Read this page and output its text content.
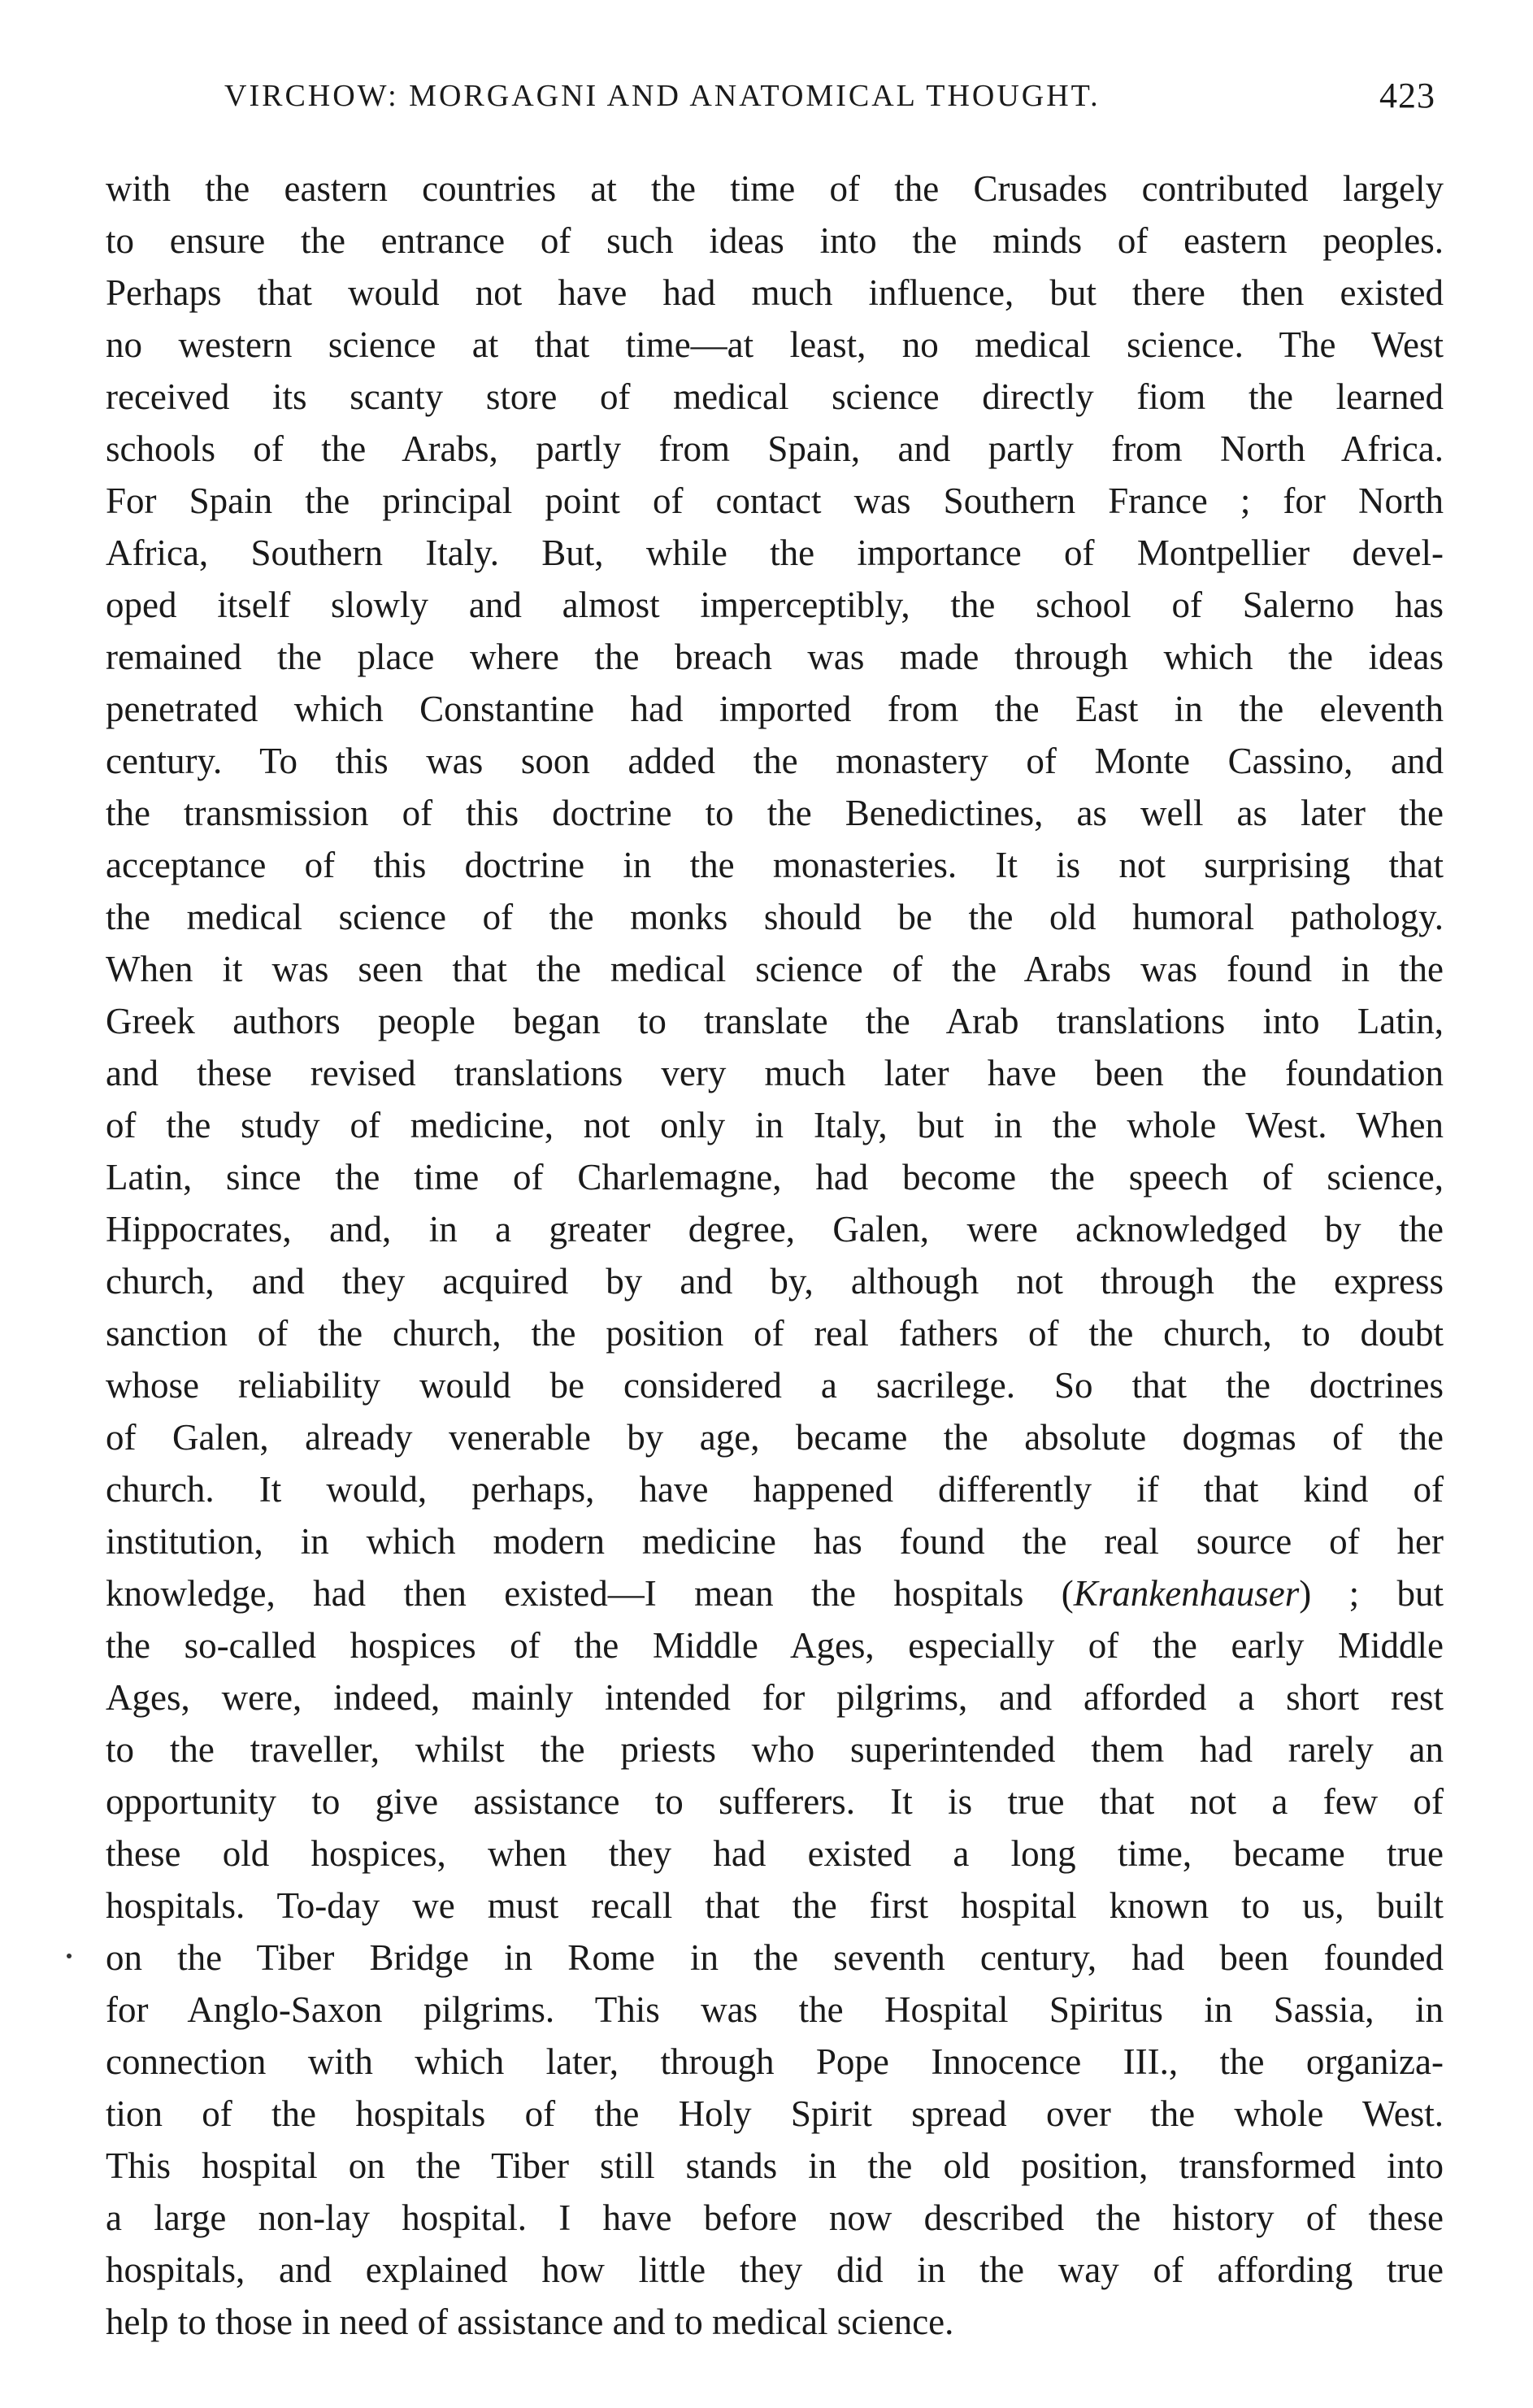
VIRCHOW: MORGAGNI AND ANATOMICAL THOUGHT.	423
with the eastern countries at the time of the Crusades contributed largely
to ensure the entrance of such ideas into the minds of eastern peoples.
Perhaps that would not have had much influence, but there then existed
no western science at that time—at least, no medical science. The West
received its scanty store of medical science directly fiom the learned
schools of the Arabs, partly from Spain, and partly from North Africa.
For Spain the principal point of contact was Southern France ; for North
Africa, Southern Italy. But, while the importance of Montpellier devel-
oped itself slowly and almost imperceptibly, the school of Salerno has
remained the place where the breach was made through which the ideas
penetrated which Constantine had imported from the East in the eleventh
century. To this was soon added the monastery of Monte Cassino, and
the transmission of this doctrine to the Benedictines, as well as later the
acceptance of this doctrine in the monasteries. It is not surprising that
the medical science of the monks should be the old humoral pathology.
When it was seen that the medical science of the Arabs was found in the
Greek authors people began to translate the Arab translations into Latin,
and these revised translations very much later have been the foundation
of the study of medicine, not only in Italy, but in the whole West. When
Latin, since the time of Charlemagne, had become the speech of science,
Hippocrates, and, in a greater degree, Galen, were acknowledged by the
church, and they acquired by and by, although not through the express
sanction of the church, the position of real fathers of the church, to doubt
whose reliability would be considered a sacrilege. So that the doctrines
of Galen, already venerable by age, became the absolute dogmas of the
church. It would, perhaps, have happened differently if that kind of
institution, in which modern medicine has found the real source of her
knowledge, had then existed—I mean the hospitals (Krankenhauser) ; but
the so-called hospices of the Middle Ages, especially of the early Middle
Ages, were, indeed, mainly intended for pilgrims, and afforded a short rest
to the traveller, whilst the priests who superintended them had rarely an
opportunity to give assistance to sufferers. It is true that not a few of
these old hospices, when they had existed a long time, became true
hospitals. To-day we must recall that the first hospital known to us, built
on the Tiber Bridge in Rome in the seventh century, had been founded
for Anglo-Saxon pilgrims. This was the Hospital Spiritus in Sassia, in
connection with which later, through Pope Innocence III., the organiza-
tion of the hospitals of the Holy Spirit spread over the whole West.
This hospital on the Tiber still stands in the old position, transformed into
a large non-lay hospital. I have before now described the history of these
hospitals, and explained how little they did in the way of affording true
help to those in need of assistance and to medical science.
